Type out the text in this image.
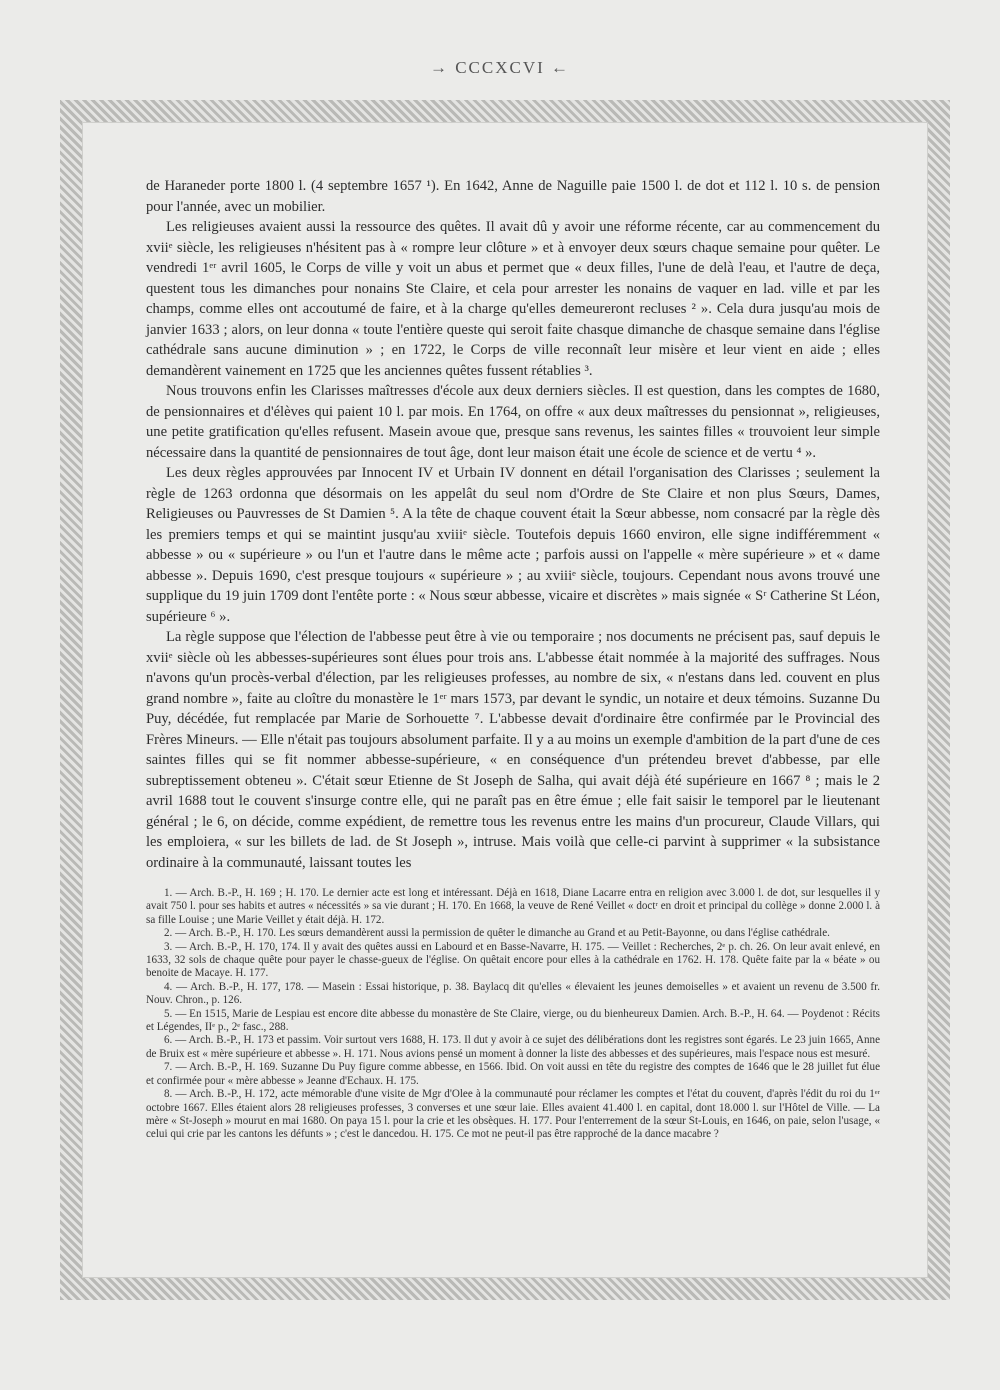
→ CCCXCVI ←

de Haraneder porte 1800 l. (4 septembre 1657 ¹). En 1642, Anne de Naguille paie 1500 l. de dot et 112 l. 10 s. de pension pour l'année, avec un mobilier.

Les religieuses avaient aussi la ressource des quêtes. Il avait dû y avoir une réforme récente, car au commencement du xviiᵉ siècle, les religieuses n'hésitent pas à « rompre leur clôture » et à envoyer deux sœurs chaque semaine pour quêter. Le vendredi 1ᵉʳ avril 1605, le Corps de ville y voit un abus et permet que « deux filles, l'une de delà l'eau, et l'autre de deça, questent tous les dimanches pour nonains Ste Claire, et cela pour arrester les nonains de vaquer en lad. ville et par les champs, comme elles ont accoutumé de faire, et à la charge qu'elles demeureront recluses ² ». Cela dura jusqu'au mois de janvier 1633 ; alors, on leur donna « toute l'entière queste qui seroit faite chasque dimanche de chasque semaine dans l'église cathédrale sans aucune diminution » ; en 1722, le Corps de ville reconnaît leur misère et leur vient en aide ; elles demandèrent vainement en 1725 que les anciennes quêtes fussent rétablies ³.

Nous trouvons enfin les Clarisses maîtresses d'école aux deux derniers siècles. Il est question, dans les comptes de 1680, de pensionnaires et d'élèves qui paient 10 l. par mois. En 1764, on offre « aux deux maîtresses du pensionnat », religieuses, une petite gratification qu'elles refusent. Masein avoue que, presque sans revenus, les saintes filles « trouvoient leur simple nécessaire dans la quantité de pensionnaires de tout âge, dont leur maison était une école de science et de vertu ⁴ ».

Les deux règles approuvées par Innocent IV et Urbain IV donnent en détail l'organisation des Clarisses ; seulement la règle de 1263 ordonna que désormais on les appelât du seul nom d'Ordre de Ste Claire et non plus Sœurs, Dames, Religieuses ou Pauvresses de St Damien ⁵. A la tête de chaque couvent était la Sœur abbesse, nom consacré par la règle dès les premiers temps et qui se maintint jusqu'au xviiiᵉ siècle. Toutefois depuis 1660 environ, elle signe indifféremment « abbesse » ou « supérieure » ou l'un et l'autre dans le même acte ; parfois aussi on l'appelle « mère supérieure » et « dame abbesse ». Depuis 1690, c'est presque toujours « supérieure » ; au xviiiᵉ siècle, toujours. Cependant nous avons trouvé une supplique du 19 juin 1709 dont l'entête porte : « Nous sœur abbesse, vicaire et discrètes » mais signée « Sʳ Catherine St Léon, supérieure ⁶ ».

La règle suppose que l'élection de l'abbesse peut être à vie ou temporaire ; nos documents ne précisent pas, sauf depuis le xviiᵉ siècle où les abbesses-supérieures sont élues pour trois ans. L'abbesse était nommée à la majorité des suffrages. Nous n'avons qu'un procès-verbal d'élection, par les religieuses professes, au nombre de six, « n'estans dans led. couvent en plus grand nombre », faite au cloître du monastère le 1ᵉʳ mars 1573, par devant le syndic, un notaire et deux témoins. Suzanne Du Puy, décédée, fut remplacée par Marie de Sorhouette ⁷. L'abbesse devait d'ordinaire être confirmée par le Provincial des Frères Mineurs. — Elle n'était pas toujours absolument parfaite. Il y a au moins un exemple d'ambition de la part d'une de ces saintes filles qui se fit nommer abbesse-supérieure, « en conséquence d'un prétendeu brevet d'abbesse, par elle subreptissement obteneu ». C'était sœur Etienne de St Joseph de Salha, qui avait déjà été supérieure en 1667 ⁸ ; mais le 2 avril 1688 tout le couvent s'insurge contre elle, qui ne paraît pas en être émue ; elle fait saisir le temporel par le lieutenant général ; le 6, on décide, comme expédient, de remettre tous les revenus entre les mains d'un procureur, Claude Villars, qui les emploiera, « sur les billets de lad. de St Joseph », intruse. Mais voilà que celle-ci parvint à supprimer « la subsistance ordinaire à la communauté, laissant toutes les

1. — Arch. B.-P., H. 169 ; H. 170. Le dernier acte est long et intéressant. Déjà en 1618, Diane Lacarre entra en religion avec 3.000 l. de dot, sur lesquelles il y avait 750 l. pour ses habits et autres « nécessités » sa vie durant ; H. 170. En 1668, la veuve de René Veillet « doctʳ en droit et principal du collège » donne 2.000 l. à sa fille Louise ; une Marie Veillet y était déjà. H. 172.

2. — Arch. B.-P., H. 170. Les sœurs demandèrent aussi la permission de quêter le dimanche au Grand et au Petit-Bayonne, ou dans l'église cathédrale.

3. — Arch. B.-P., H. 170, 174. Il y avait des quêtes aussi en Labourd et en Basse-Navarre, H. 175. — Veillet : Recherches, 2ᵉ p. ch. 26. On leur avait enlevé, en 1633, 32 sols de chaque quête pour payer le chasse-gueux de l'église. On quêtait encore pour elles à la cathédrale en 1762. H. 178. Quête faite par la « béate » ou benoite de Macaye. H. 177.

4. — Arch. B.-P., H. 177, 178. — Masein : Essai historique, p. 38. Baylacq dit qu'elles « élevaient les jeunes demoiselles » et avaient un revenu de 3.500 fr. Nouv. Chron., p. 126.

5. — En 1515, Marie de Lespiau est encore dite abbesse du monastère de Ste Claire, vierge, ou du bienheureux Damien. Arch. B.-P., H. 64. — Poydenot : Récits et Légendes, IIᵉ p., 2ᵉ fasc., 288.

6. — Arch. B.-P., H. 173 et passim. Voir surtout vers 1688, H. 173. Il dut y avoir à ce sujet des délibérations dont les registres sont égarés. Le 23 juin 1665, Anne de Bruix est « mère supérieure et abbesse ». H. 171. Nous avions pensé un moment à donner la liste des abbesses et des supérieures, mais l'espace nous est mesuré.

7. — Arch. B.-P., H. 169. Suzanne Du Puy figure comme abbesse, en 1566. Ibid. On voit aussi en tête du registre des comptes de 1646 que le 28 juillet fut élue et confirmée pour « mère abbesse » Jeanne d'Echaux. H. 175.

8. — Arch. B.-P., H. 172, acte mémorable d'une visite de Mgr d'Olee à la communauté pour réclamer les comptes et l'état du couvent, d'après l'édit du roi du 1ᵉʳ octobre 1667. Elles étaient alors 28 religieuses professes, 3 converses et une sœur laie. Elles avaient 41.400 l. en capital, dont 18.000 l. sur l'Hôtel de Ville. — La mère « St-Joseph » mourut en mai 1680. On paya 15 l. pour la crie et les obsèques. H. 177. Pour l'enterrement de la sœur St-Louis, en 1646, on paie, selon l'usage, « celui qui crie par les cantons les défunts » ; c'est le dancedou. H. 175. Ce mot ne peut-il pas être rapproché de la dance macabre ?
